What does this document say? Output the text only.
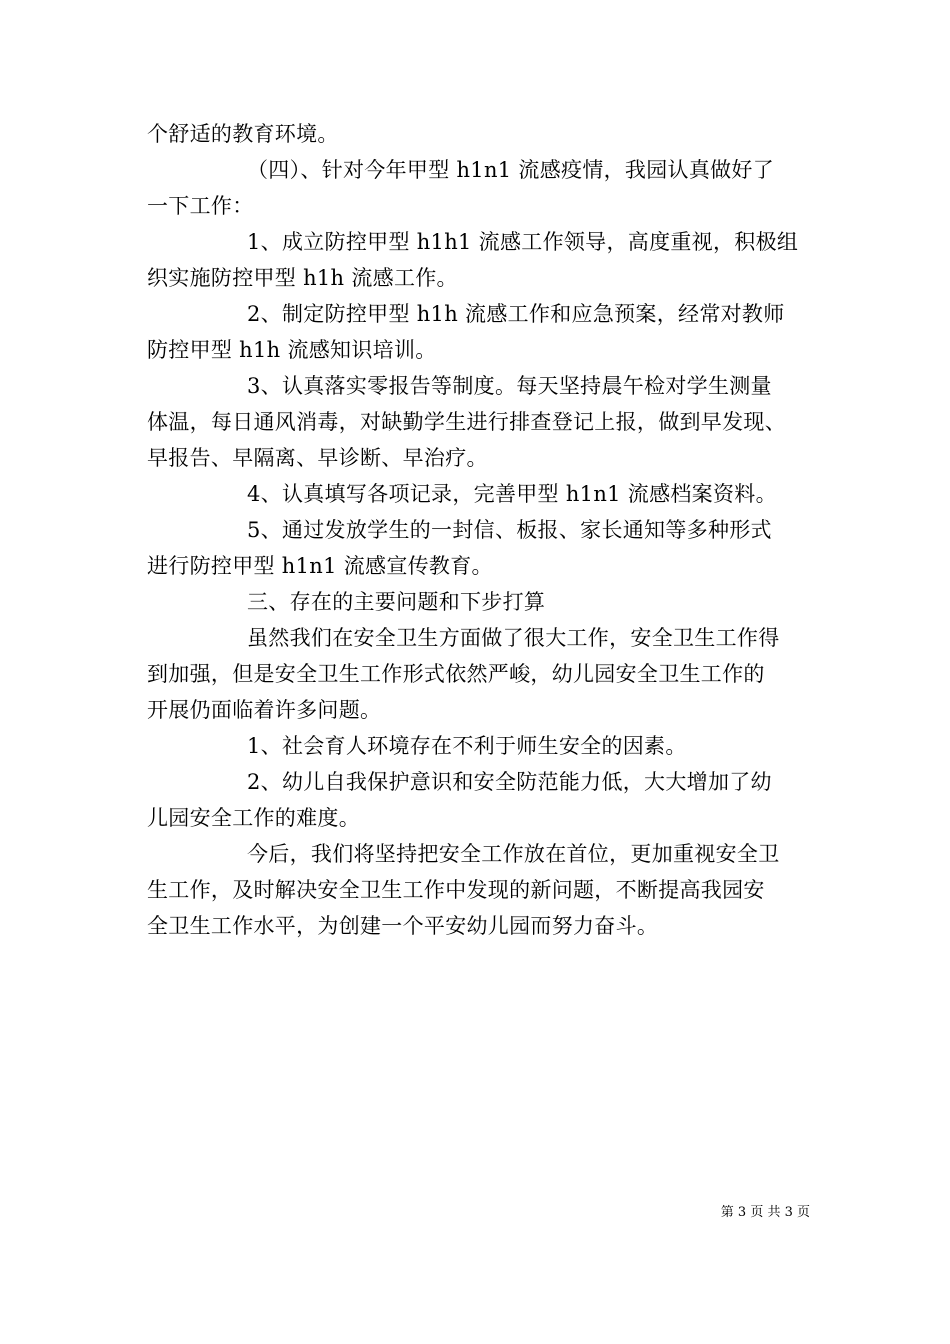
个舒适的教育环境。
（四）、针对今年甲型 h1n1 流感疫情，我园认真做好了
一下工作：
1、成立防控甲型 h1h1 流感工作领导，高度重视，积极组
织实施防控甲型 h1h 流感工作。
2、制定防控甲型 h1h 流感工作和应急预案，经常对教师
防控甲型 h1h 流感知识培训。
3、认真落实零报告等制度。每天坚持晨午检对学生测量
体温，每日通风消毒，对缺勤学生进行排查登记上报，做到早发现、
早报告、早隔离、早诊断、早治疗。
4、认真填写各项记录，完善甲型 h1n1 流感档案资料。
5、通过发放学生的一封信、板报、家长通知等多种形式
进行防控甲型 h1n1 流感宣传教育。
三、存在的主要问题和下步打算
虽然我们在安全卫生方面做了很大工作，安全卫生工作得
到加强，但是安全卫生工作形式依然严峻，幼儿园安全卫生工作的
开展仍面临着许多问题。
1、社会育人环境存在不利于师生安全的因素。
2、幼儿自我保护意识和安全防范能力低，大大增加了幼
儿园安全工作的难度。
今后，我们将坚持把安全工作放在首位，更加重视安全卫
生工作，及时解决安全卫生工作中发现的新问题，不断提高我园安
全卫生工作水平，为创建一个平安幼儿园而努力奋斗。
第 3 页 共 3 页
